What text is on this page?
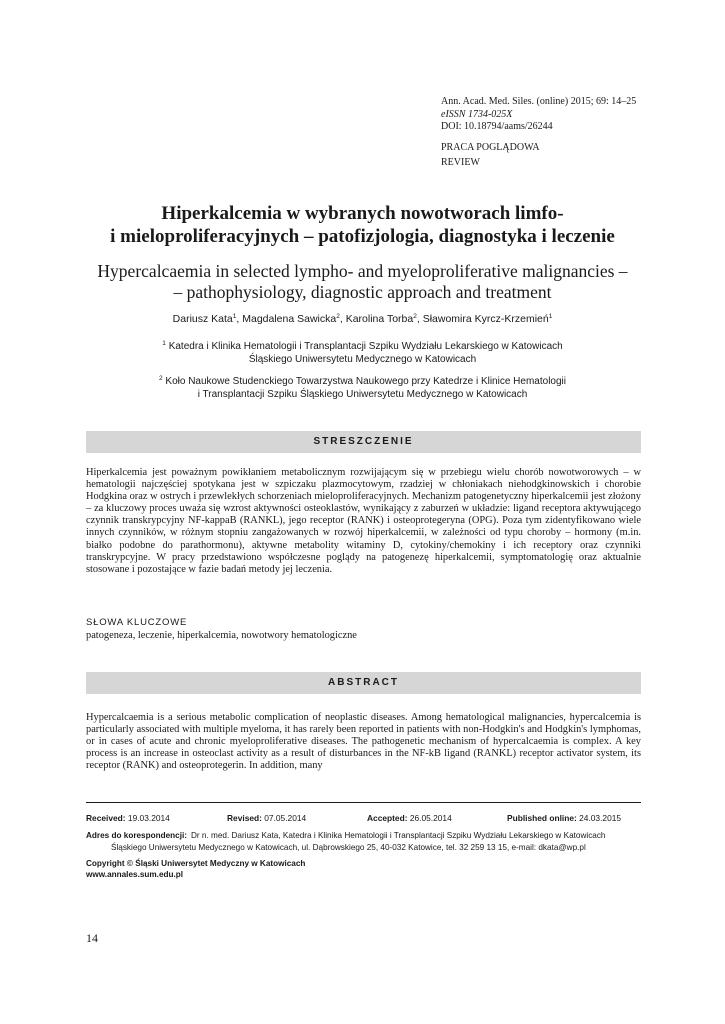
Ann. Acad. Med. Siles. (online) 2015; 69: 14–25
eISSN 1734-025X
DOI: 10.18794/aams/26244
PRACA POGLĄDOWA
REVIEW
Hiperkalcemia w wybranych nowotworach limfo-
i mieloproliferacyjnych – patofizjologia, diagnostyka i leczenie
Hypercalcaemia in selected lympho- and myeloproliferative malignancies –
– pathophysiology, diagnostic approach and treatment
Dariusz Kata$^1$, Magdalena Sawicka$^2$, Karolina Torba$^2$, Sławomira Kyrcz-Krzemień$^1$
$^1$ Katedra i Klinika Hematologii i Transplantacji Szpiku Wydziału Lekarskiego w Katowicach
Śląskiego Uniwersytetu Medycznego w Katowicach
$^2$ Koło Naukowe Studenckiego Towarzystwa Naukowego przy Katedrze i Klinice Hematologii
i Transplantacji Szpiku Śląskiego Uniwersytetu Medycznego w Katowicach
STRESZCZENIE

Hiperkalcemia jest poważnym powikłaniem metabolicznym rozwijającym się w przebiegu wielu chorób nowotworowych – w hematologii najczęściej spotykana jest w szpiczaku plazmocytowym, rzadziej w chłoniakach niehodgkinowskich i chorobie Hodgkina oraz w ostrych i przewlekłych schorzeniach mieloproliferacyjnych. Mechanizm patogenetyczny hiperkalcemii jest złożony – za kluczowy proces uważa się wzrost aktywności osteoklastów, wynikający z zaburzeń w układzie: ligand receptora aktywującego czynnik transkrypcyjny NF-kappaB (RANKL), jego receptor (RANK) i osteoprotegeryna (OPG). Poza tym zidentyfikowano wiele innych czynników, w różnym stopniu zangażowanych w rozwój hiperkalcemii, w zależności od typu choroby – hormony (m.in. białko podobne do parathormonu), aktywne metabolity witaminy D, cytokiny/chemokiny i ich receptory oraz czynniki transkrypcyjne. W pracy przedstawiono współczesne poglądy na patogenezę hiperkalcemii, symptomatologię oraz aktualnie stosowane i pozostające w fazie badań metody jej leczenia.

SŁOWA KLUCZOWE
patogeneza, leczenie, hiperkalcemia, nowotwory hematologiczne
ABSTRACT

Hypercalcaemia is a serious metabolic complication of neoplastic diseases. Among hematological malignancies, hypercalcemia is particularly associated with multiple myeloma, it has rarely been reported in patients with non-Hodgkin's and Hodgkin's lymphomas, or in cases of acute and chronic myeloproliferative diseases. The pathogenetic mechanism of hypercalcaemia is complex. A key process is an increase in osteoclast activity as a result of disturbances in the NF-kB ligand (RANKL) receptor activator system, its receptor (RANK) and osteoprotegerin. In addition, many

Received: 19.03.2014	Revised: 07.05.2014	Accepted: 26.05.2014	Published online: 24.03.2015
Adres do korespondencji: Dr n. med. Dariusz Kata, Katedra i Klinika Hematologii i Transplantacji Szpiku Wydziału Lekarskiego w Katowicach
Śląskiego Uniwersytetu Medycznego w Katowicach, ul. Dąbrowskiego 25, 40-032 Katowice, tel. 32 259 13 15, e-mail: dkata@wp.pl
Copyright © Śląski Uniwersytet Medyczny w Katowicach
www.annales.sum.edu.pl
14
